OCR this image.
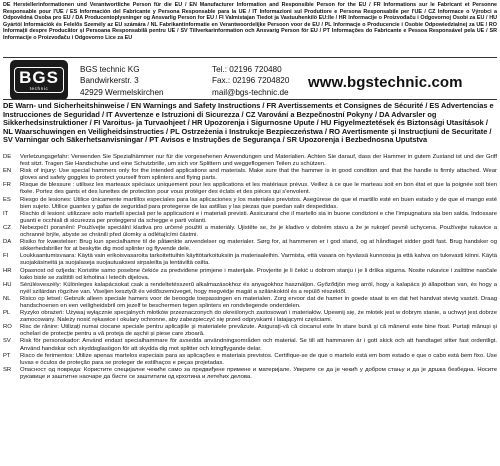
DE Herstellerinformationen und Verantwortliche Person für die EU / EN Manufacturer Information and Responsible Person for the EU / FR Informations sur le Fabricant et Personne Responsable pour l'UE / ES Información del Fabricante y Persona Responsable para la UE / IT Informazioni sul Produttore e Persona Responsabile per l'UE / CZ Informace o Výrobci a Odpovědná Osoba pro EU / DA Producentoplysninger og Ansvarlig Person for EU / FI Valmistajan Tiedot ja Vastuuhenkilö EU:lle / HR Informacije o Proizvođaču i Odgovornoj Osobi za EU / HU Gyártói Információk és Felelős Személy az EU számára / NL Fabrikantinformatie en Verantwoordelijke Persoon voor de EU / PL Informacje o Producencie i Osobie Odpowiedzialnej za UE / RO Informații despre Producător și Persoana Responsabilă pentru UE / SV Tillverkarinformation och Ansvarig Person för EU / PT Informações do Fabricante e Pessoa Responsável pela UE / SR Informacije o Proizvođaču i Odgovorno Lice za EU
BGS
technic
BGS technic KG
Bandwirkerstr. 3
42929 Wermelskirchen
Tel.: 02196 720480
Fax.: 02196 7204820
mail@bgs-technic.de
www.bgstechnic.com
DE Warn- und Sicherheitshinweise / EN Warnings and Safety Instructions / FR Avertissements et Consignes de Sécurité / ES Advertencias e Instrucciones de Seguridad / IT Avvertenze e Istruzioni di Sicurezza / CZ Varování a Bezpečnostní Pokyny / DA Advarsler og Sikkerhedsinstruktioner / FI Varoitus- ja Turvaohjeet / HR Upozorenja i Sigurnosne Upute / HU Figyelmeztetések és Biztonsági Utasítások / NL Waarschuwingen en Veiligheidsinstructies / PL Ostrzeżenia i Instrukcje Bezpieczeństwa / RO Avertismente și Instrucțiuni de Securitate / SV Varningar och Säkerhetsanvisningar / PT Avisos e Instruções de Segurança / SR Upozorenja i Bezbednosna Uputstva
DE	Verletzungsgefahr: Verwenden Sie Spezialhämmer nur für die vorgesehenen Anwendungen und Materialien. Achten Sie darauf, dass der Hammer in gutem Zustand ist und der Griff fest sitzt. Tragen Sie Handschuhe und eine Schutzbrille, um sich vor Splittern und weggeflogenen Teilen zu schützen.
EN	Risk of injury: Use special hammers only for the intended applications and materials. Make sure that the hammer is in good condition and that the handle is firmly attached. Wear gloves and safety goggles to protect yourself from splinters and flying parts.
FR	Risque de blessure : utilisez les marteaux spéciaux uniquement pour les applications et les matériaux prévus. Veillez à ce que le marteau soit en bon état et que la poignée soit bien fixée. Portez des gants et des lunettes de protection pour vous protéger des éclats et des pièces qui s'envolent.
ES	Riesgo de lesiones: Utilice únicamente martillos especiales para las aplicaciones y los materiales previstos. Asegúrese de que el martillo esté en buen estado y de que el mango esté bien sujeto. Utilice guantes y gafas de seguridad para protegerse de las astillas y las piezas que puedan salir despedidas.
IT	Rischio di lesioni: utilizzare solo martelli speciali per le applicazioni e i materiali previsti. Assicurarsi che il martello sia in buone condizioni e che l'impugnatura sia ben salda. Indossare guanti e occhiali di sicurezza per proteggersi da schegge e parti volanti.
CZ	Nebezpečí poranění: Používejte speciální kladiva pro určené použití a materiály. Ujistěte se, že je kladivo v dobrém stavu a že je rukojeť pevně uchycena. Používejte rukavice a ochranné brýle, abyste se chránili před úlomky a odlétajícími částmi.
DA	Risiko for kvæstelser: Brug kun specialhamre til de påtænkte anvendelser og materialer. Sørg for, at hammeren er i god stand, og at håndtaget sidder godt fast. Brug handsker og sikkerhedsbriller for at beskytte dig mod splinter og flyvende dele.
FI	Loukkaantumisvaara: Käytä vain erikoisvasaroita tarkoitettuihin käyttötarkoituksiin ja materiaaleihin. Varmista, että vasara on hyvässä kunnossa ja että kahva on tukevasti kiinni. Käytä suojakäsineitä ja suojalaseja suojautuaksesi sirpaleilta ja lentäviltä osilta.
HR	Opasnost od ozljeda: Koristite samo posebne čekiće za predviđene primjene i materijale. Provjerite je li čekić u dobrom stanju i je li drška sigurna. Nosite rukavice i zaštitne naočale kako biste se zaštitili od krhotina i letećih dijelova.
HU	Sérülésveszély: Különleges kalapácsokat csak a rendeltetésszerű alkalmazásokhoz és anyagokhoz használjon. Győződjön meg arról, hogy a kalapács jó állapotban van, és hogy a nyél szilárdan rögzítve van. Viseljen kesztyűt és védőszemüveget, hogy megvédje magát a szilánkoktól és a repülő részektől.
NL	Risico op letsel: Gebruik alleen speciale hamers voor de beoogde toepassingen en materialen. Zorg ervoor dat de hamer in goede staat is en dat het handvat stevig vastzit. Draag handschoenen en een veiligheidsbril om jezelf te beschermen tegen splinters en rondvliegende onderdelen.
PL	Ryzyko obrażeń: Używaj wyłącznie specjalnych młotków przeznaczonych do określonych zastosowań i materiałów. Upewnij się, że młotek jest w dobrym stanie, a uchwyt jest dobrze zamocowany. Należy nosić rękawice i okulary ochronne, aby zabezpieczyć się przed odpryskami i latającymi częściami.
RO	Risc de rănire: Utilizați numai ciocane speciale pentru aplicațiile și materialele prevăzute. Asigurați-vă că ciocanul este în stare bună și că mânerul este bine fixat. Purtați mănuși și ochelari de protecție pentru a vă proteja de așchii și piese care zboară.
SV	Risk för personskador: Använd endast specialhammare för avsedda användningsområden och material. Se till att hammaren är i gott skick och att handtaget sitter fast ordentligt. Använd handskar och skyddsglasögon för att skydda dig mot splitter och kringflygande delar.
PT	Risco de ferimentos: Utilize apenas martelos especiais para as aplicações e materiais previstos. Certifique-se de que o martelo está em bom estado e que o cabo está bem fixo. Use luvas e óculos de proteção para se proteger de estilhaços e peças projetadas.
SR	Опасност од повреда: Користите специјалне чекиће само за предвиђене примене и материјале. Уверите се да је чекић у добром стању и да је дршка безбедна. Носите рукавице и заштитне наочаре да бисте се заштитили од крхотина и летећих делова.
